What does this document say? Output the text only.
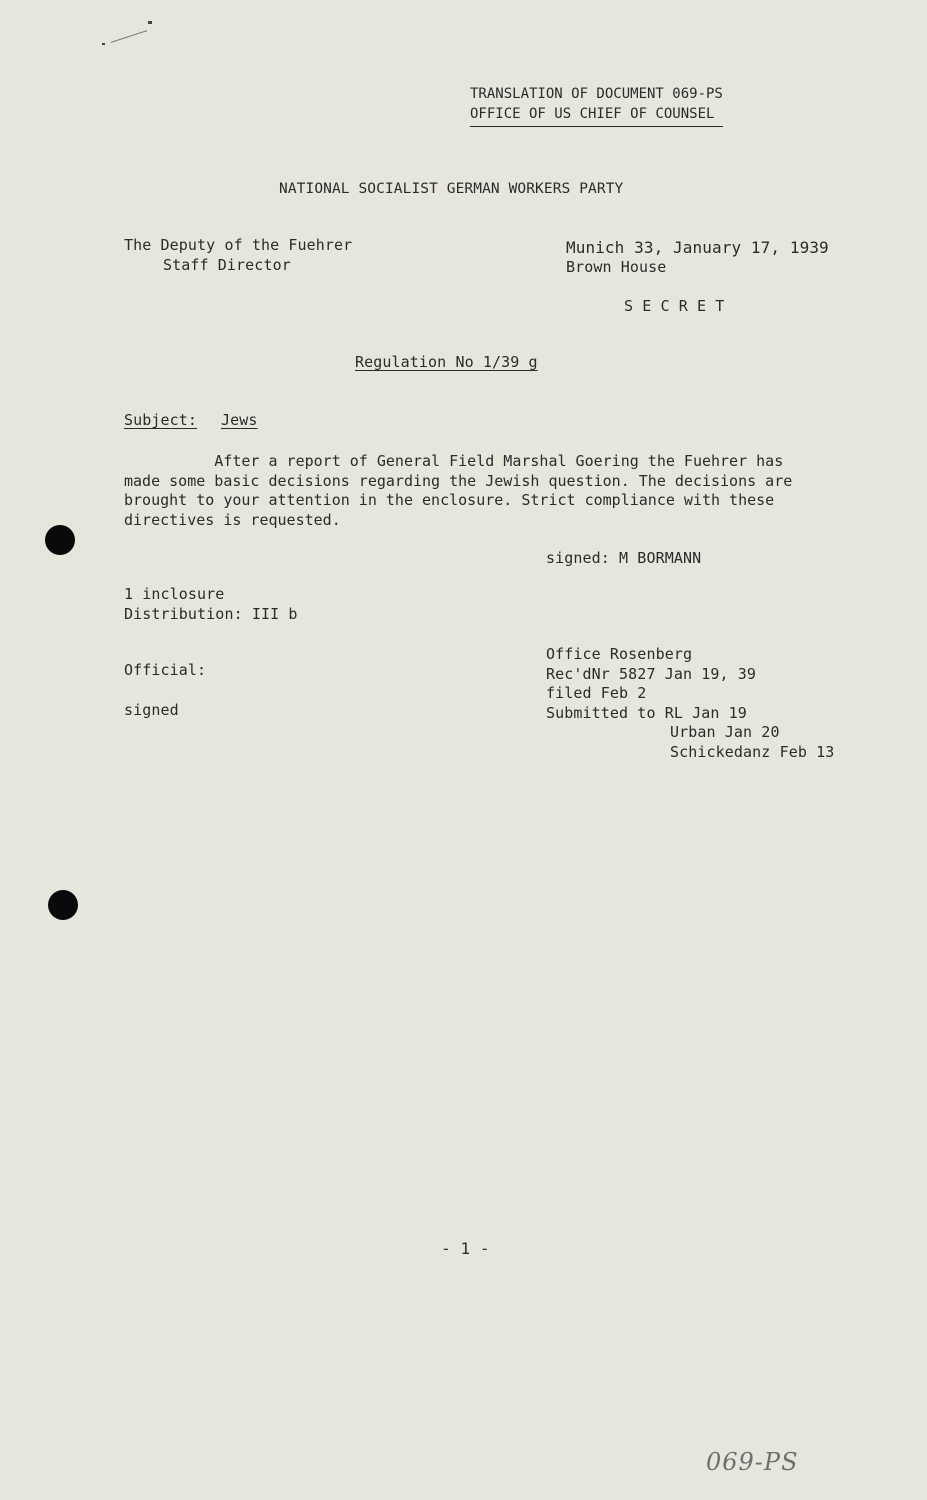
TRANSLATION OF DOCUMENT 069-PS
OFFICE OF US CHIEF OF COUNSEL
NATIONAL SOCIALIST GERMAN WORKERS PARTY
The Deputy of the Fuehrer
Staff Director
Munich 33, January 17, 1939
Brown House
S E C R E T
Regulation No 1/39 g
Subject: Jews
After a report of General Field Marshal Goering the Fuehrer has
made some basic decisions regarding the Jewish question. The decisions are
brought to your attention in the enclosure. Strict compliance with these
directives is requested.
signed: M BORMANN
1 inclosure
Distribution: III b
Official:
signed
Office Rosenberg
Rec'dNr 5827 Jan 19, 39
filed Feb 2
Submitted to RL Jan 19
Urban Jan 20
Schickedanz Feb 13
- 1 -
069-PS
